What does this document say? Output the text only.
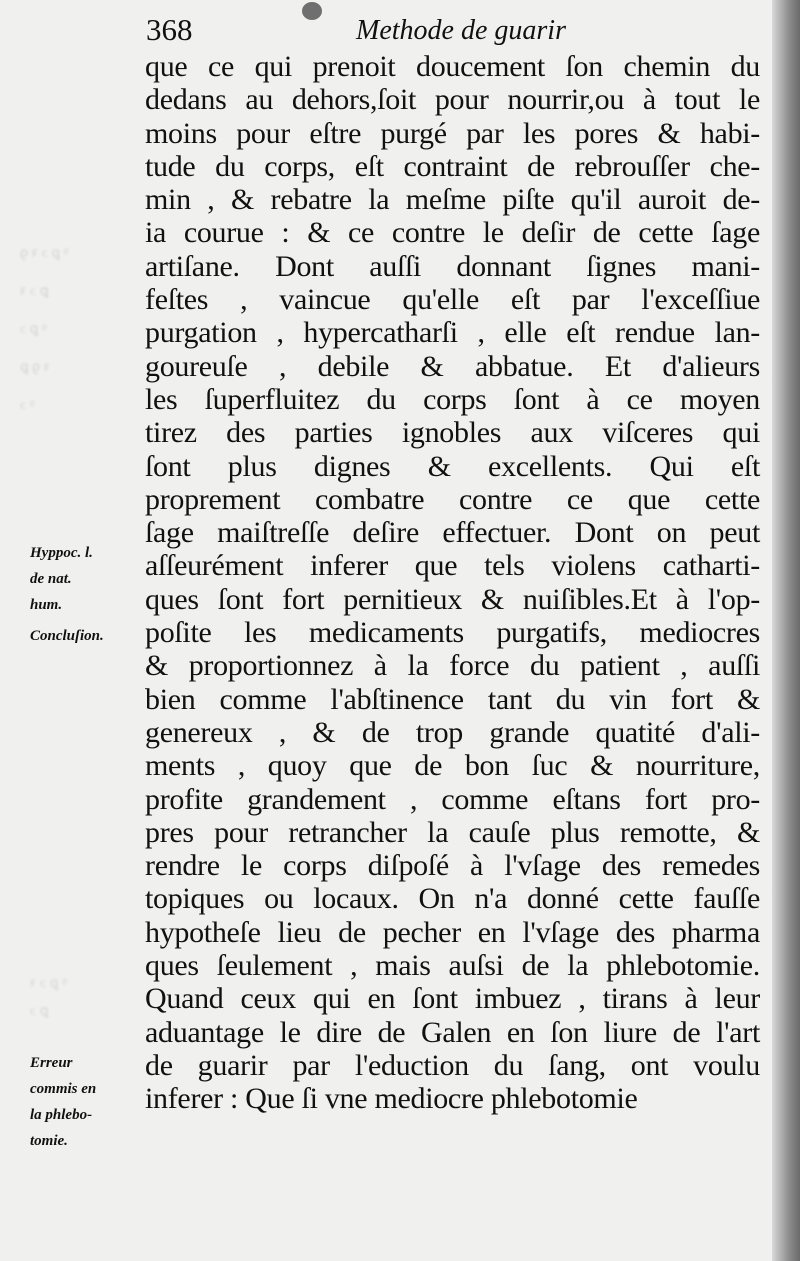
ꝰ ꝑ ɔ ꝛ ꝯ
ꝑ ɔ ꝛ
ꝰ ꝑ ɔ
ꝛ ꝯ ꝑ
ꝰ ɔ
ꝰ ꝑ ɔ ꝛ
ꝑ ɔ
368	Methode de guarir
que ce qui prenoit doucement ſon chemin du
dedans au dehors,ſoit pour nourrir,ou à tout le
moins pour eſtre purgé par les pores & habi-
tude du corps, eſt contraint de rebrouſſer che-
min , & rebatre la meſme piſte qu'il auroit de-
ia courue : & ce contre le deſir de cette ſage
artiſane. Dont auſſi donnant ſignes mani-
feſtes , vaincue qu'elle eſt par l'exceſſiue
purgation , hypercatharſi , elle eſt rendue lan-
goureuſe , debile & abbatue. Et d'alieurs
les ſuperfluitez du corps ſont à ce moyen
tirez des parties ignobles aux viſceres qui
ſont plus dignes & excellents. Qui eſt
proprement combatre contre ce que cette
ſage maiſtreſſe deſire effectuer. Dont on peut
aſſeurément inferer que tels violens catharti-
ques ſont fort pernitieux & nuiſibles.Et à l'op-
poſite les medicaments purgatifs, mediocres
& proportionnez à la force du patient , auſſi
bien comme l'abſtinence tant du vin fort &
genereux , & de trop grande quatité d'ali-
ments , quoy que de bon ſuc & nourriture,
profite grandement , comme eſtans fort pro-
pres pour retrancher la cauſe plus remotte, &
rendre le corps diſpoſé à l'vſage des remedes
topiques ou locaux. On n'a donné cette fauſſe
hypotheſe lieu de pecher en l'vſage des pharma
ques ſeulement , mais auſsi de la phlebotomie.
Quand ceux qui en ſont imbuez , tirans à leur
aduantage le dire de Galen en ſon liure de l'art
de guarir par l'eduction du ſang, ont voulu
inferer : Que ſi vne mediocre phlebotomie
Hyppoc. l.
de nat.
hum.
Concluſion.
Erreur
commis en
la phlebo-
tomie.
